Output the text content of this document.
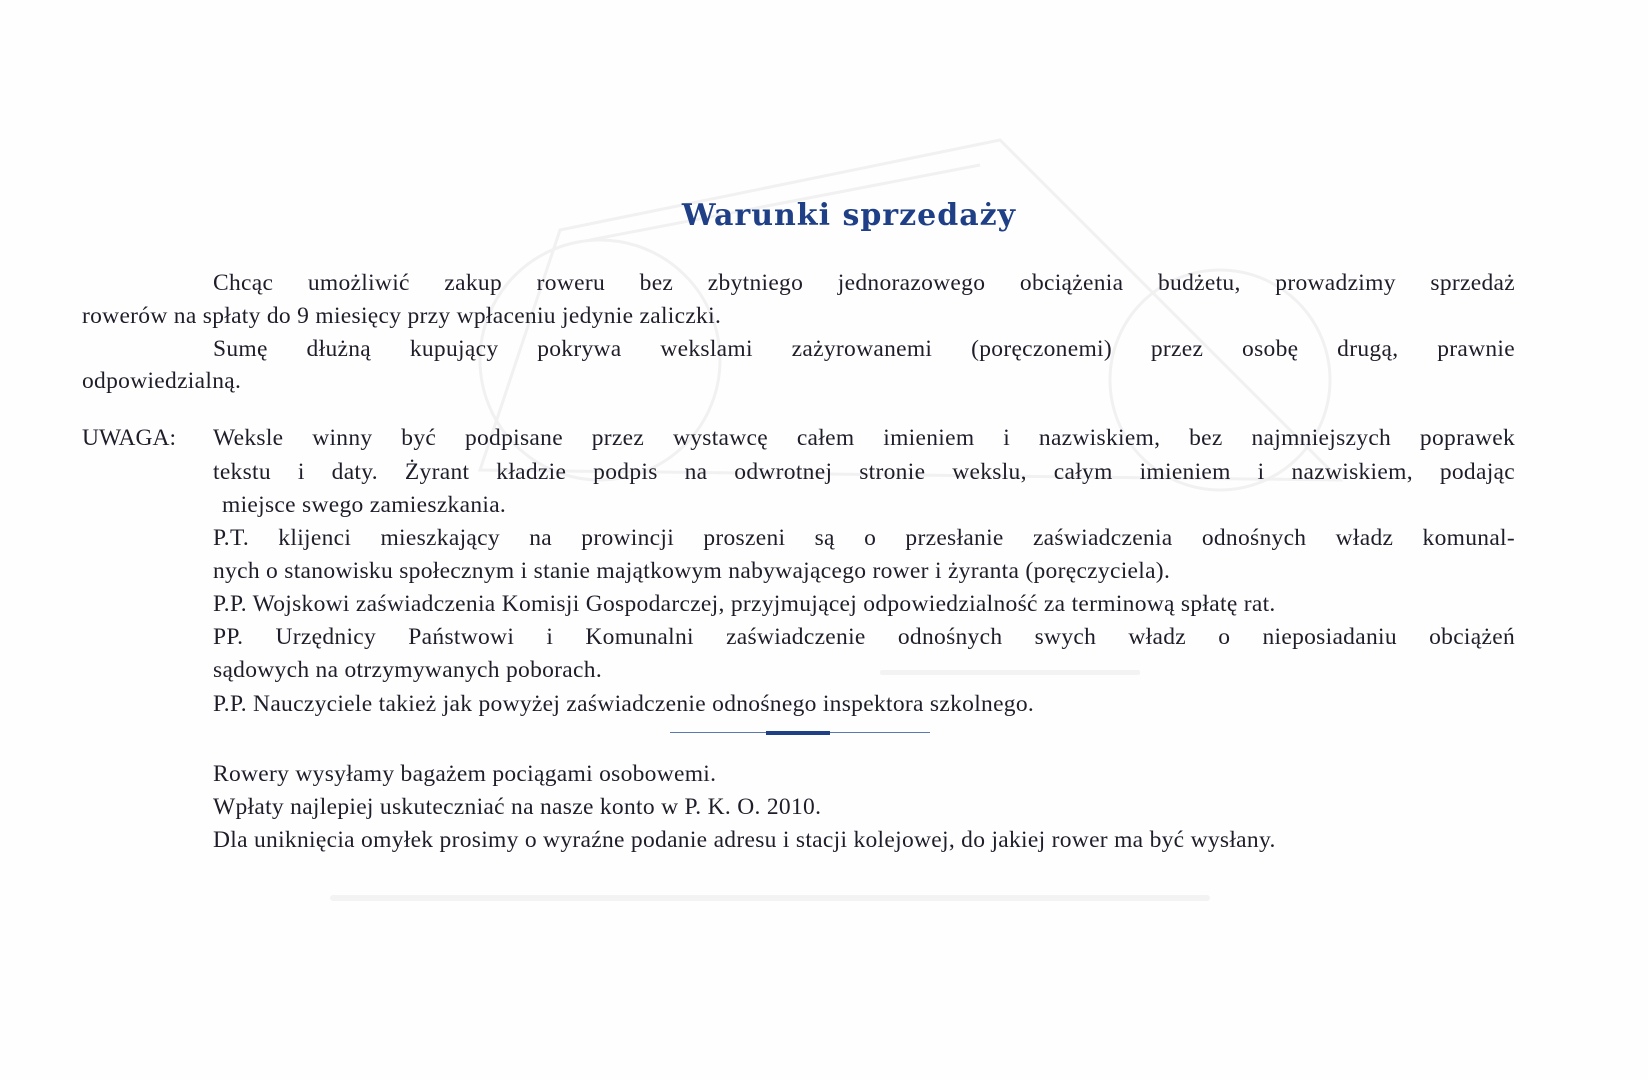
Warunki sprzedaży
Chcąc umożliwić zakup roweru bez zbytniego jednorazowego obciążenia budżetu, prowadzimy sprzedaż
rowerów na spłaty do 9 miesięcy przy wpłaceniu jedynie zaliczki.
Sumę dłużną kupujący pokrywa wekslami zażyrowanemi (poręczonemi) przez osobę drugą, prawnie
odpowiedzialną.
UWAGA: Weksle winny być podpisane przez wystawcę całem imieniem i nazwiskiem, bez najmniejszych poprawek
tekstu i daty. Żyrant kładzie podpis na odwrotnej stronie wekslu, całym imieniem i nazwiskiem, podając
miejsce swego zamieszkania.
P.T. klijenci mieszkający na prowincji proszeni są o przesłanie zaświadczenia odnośnych władz komunal-
nych o stanowisku społecznym i stanie majątkowym nabywającego rower i żyranta (poręczyciela).
P.P. Wojskowi zaświadczenia Komisji Gospodarczej, przyjmującej odpowiedzialność za terminową spłatę rat.
PP. Urzędnicy Państwowi i Komunalni zaświadczenie odnośnych swych władz o nieposiadaniu obciążeń
sądowych na otrzymywanych poborach.
P.P. Nauczyciele takież jak powyżej zaświadczenie odnośnego inspektora szkolnego.
Rowery wysyłamy bagażem pociągami osobowemi.
Wpłaty najlepiej uskuteczniać na nasze konto w P. K. O. 2010.
Dla uniknięcia omyłek prosimy o wyraźne podanie adresu i stacji kolejowej, do jakiej rower ma być wysłany.
